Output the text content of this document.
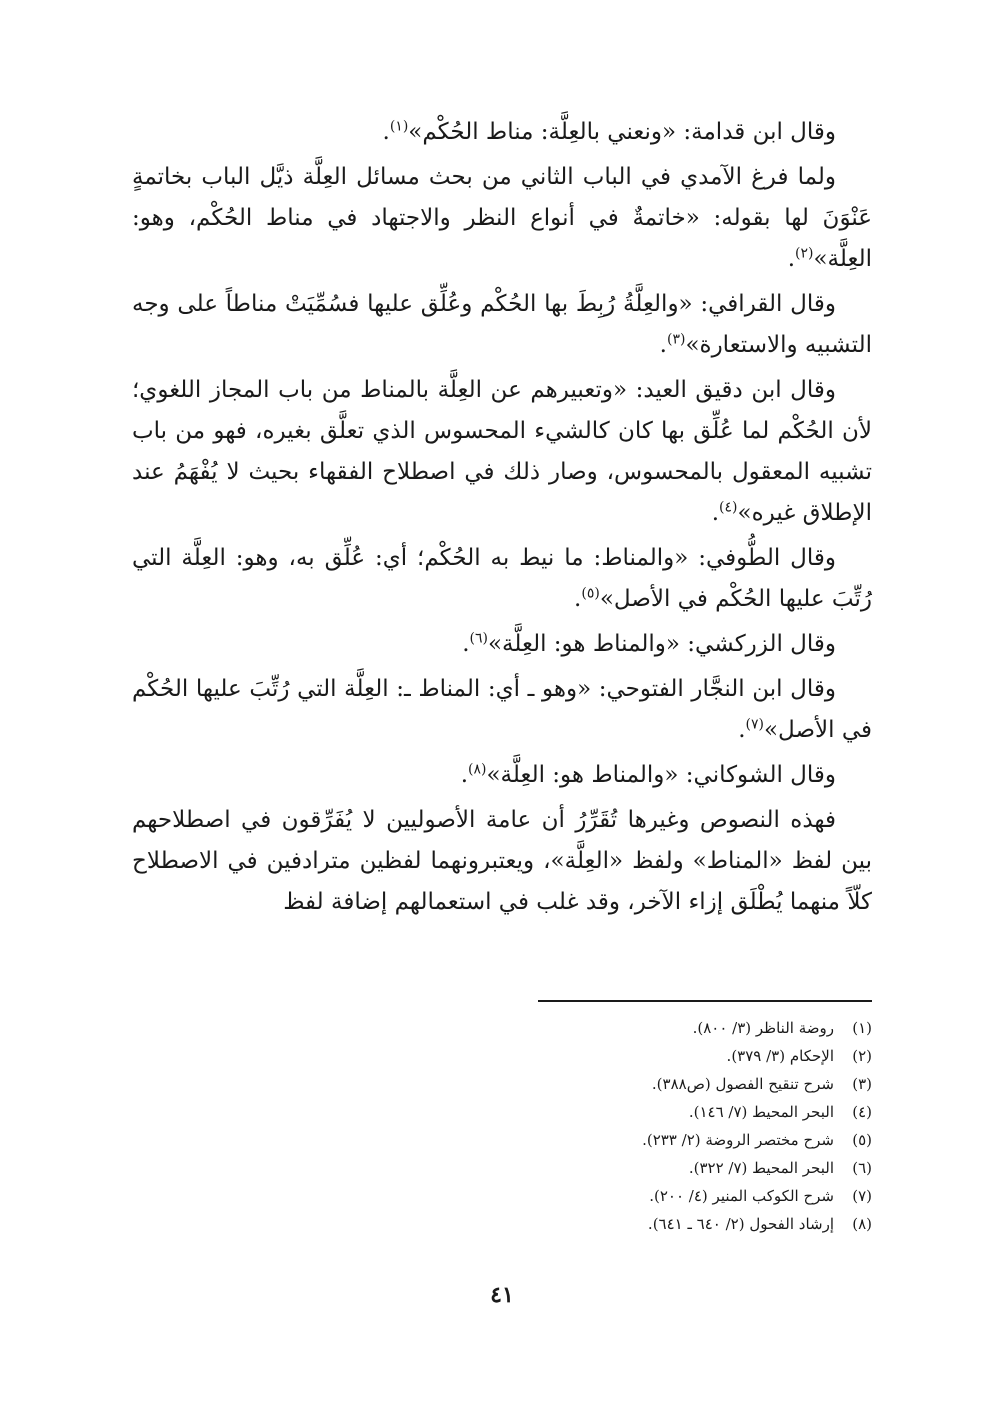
وقال ابن قدامة: «ونعني بالعِلَّة: مناط الحُكْم»$^{(١)}$.

ولما فرغ الآمدي في الباب الثاني من بحث مسائل العِلَّة ذيَّل الباب بخاتمةٍ عَنْوَنَ لها بقوله: «خاتمةٌ في أنواع النظر والاجتهاد في مناط الحُكْم، وهو: العِلَّة»$^{(٢)}$.

وقال القرافي: «والعِلَّةُ رُبِطَ بها الحُكْم وعُلِّق عليها فسُمِّيَتْ مناطاً على وجه التشبيه والاستعارة»$^{(٣)}$.

وقال ابن دقيق العيد: «وتعبيرهم عن العِلَّة بالمناط من باب المجاز اللغوي؛ لأن الحُكْم لما عُلِّق بها كان كالشيء المحسوس الذي تعلَّق بغيره، فهو من باب تشبيه المعقول بالمحسوس، وصار ذلك في اصطلاح الفقهاء بحيث لا يُفْهَمُ عند الإطلاق غيره»$^{(٤)}$.

وقال الطُّوفي: «والمناط: ما نيط به الحُكْم؛ أي: عُلِّق به، وهو: العِلَّة التي رُتِّبَ عليها الحُكْم في الأصل»$^{(٥)}$.

وقال الزركشي: «والمناط هو: العِلَّة»$^{(٦)}$.

وقال ابن النجَّار الفتوحي: «وهو ـ أي: المناط ـ: العِلَّة التي رُتِّبَ عليها الحُكْم في الأصل»$^{(٧)}$.

وقال الشوكاني: «والمناط هو: العِلَّة»$^{(٨)}$.

فهذه النصوص وغيرها تُقَرِّرُ أن عامة الأصوليين لا يُفَرِّقون في اصطلاحهم بين لفظ «المناط» ولفظ «العِلَّة»، ويعتبرونهما لفظين مترادفين في الاصطلاح كلّاً منهما يُطْلَق إزاء الآخر، وقد غلب في استعمالهم إضافة لفظ

(١)
روضة الناظر (٣/ ٨٠٠).
(٢)
الإحكام (٣/ ٣٧٩).
(٣)
شرح تنقيح الفصول (ص٣٨٨).
(٤)
البحر المحيط (٧/ ١٤٦).
(٥)
شرح مختصر الروضة (٢/ ٢٣٣).
(٦)
البحر المحيط (٧/ ٣٢٢).
(٧)
شرح الكوكب المنير (٤/ ٢٠٠).
(٨)
إرشاد الفحول (٢/ ٦٤٠ ـ ٦٤١).
٤١
